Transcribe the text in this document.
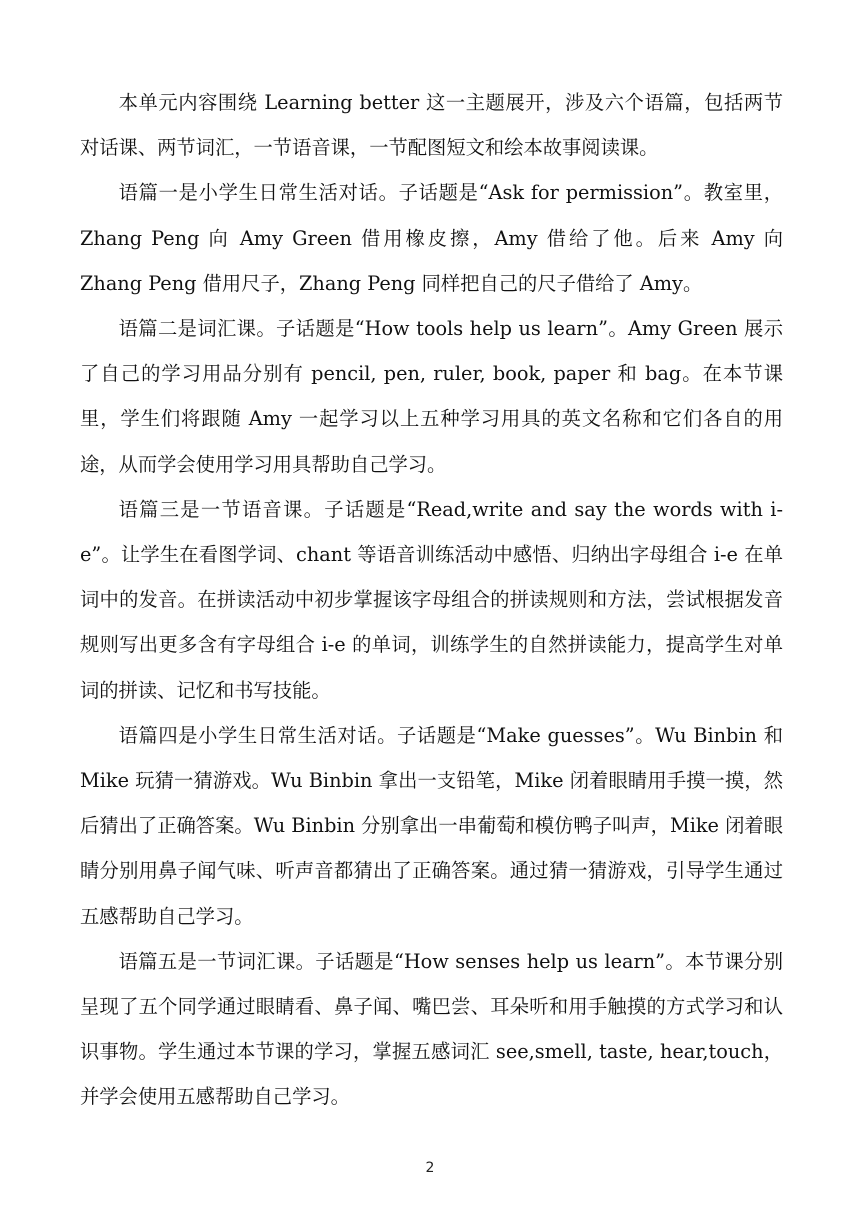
本单元内容围绕 Learning better 这一主题展开，涉及六个语篇，包括两节对话课、两节词汇，一节语音课，一节配图短文和绘本故事阅读课。

语篇一是小学生日常生活对话。子话题是“Ask for permission”。教室里，Zhang Peng 向 Amy Green 借用橡皮擦，Amy 借给了他。后来 Amy 向 Zhang Peng 借用尺子，Zhang Peng 同样把自己的尺子借给了 Amy。

语篇二是词汇课。子话题是“How tools help us learn”。Amy Green 展示了自己的学习用品分别有 pencil, pen, ruler, book, paper 和 bag。在本节课里，学生们将跟随 Amy 一起学习以上五种学习用具的英文名称和它们各自的用途，从而学会使用学习用具帮助自己学习。

语篇三是一节语音课。子话题是“Read,write and say the words with i-e”。让学生在看图学词、chant 等语音训练活动中感悟、归纳出字母组合 i-e 在单词中的发音。在拼读活动中初步掌握该字母组合的拼读规则和方法，尝试根据发音规则写出更多含有字母组合 i-e 的单词，训练学生的自然拼读能力，提高学生对单词的拼读、记忆和书写技能。

语篇四是小学生日常生活对话。子话题是“Make guesses”。Wu Binbin 和 Mike 玩猜一猜游戏。Wu Binbin 拿出一支铅笔，Mike 闭着眼睛用手摸一摸，然后猜出了正确答案。Wu Binbin 分别拿出一串葡萄和模仿鸭子叫声，Mike 闭着眼睛分别用鼻子闻气味、听声音都猜出了正确答案。通过猜一猜游戏，引导学生通过五感帮助自己学习。

语篇五是一节词汇课。子话题是“How senses help us learn”。本节课分别呈现了五个同学通过眼睛看、鼻子闻、嘴巴尝、耳朵听和用手触摸的方式学习和认识事物。学生通过本节课的学习，掌握五感词汇 see,smell, taste, hear,touch，并学会使用五感帮助自己学习。

2
